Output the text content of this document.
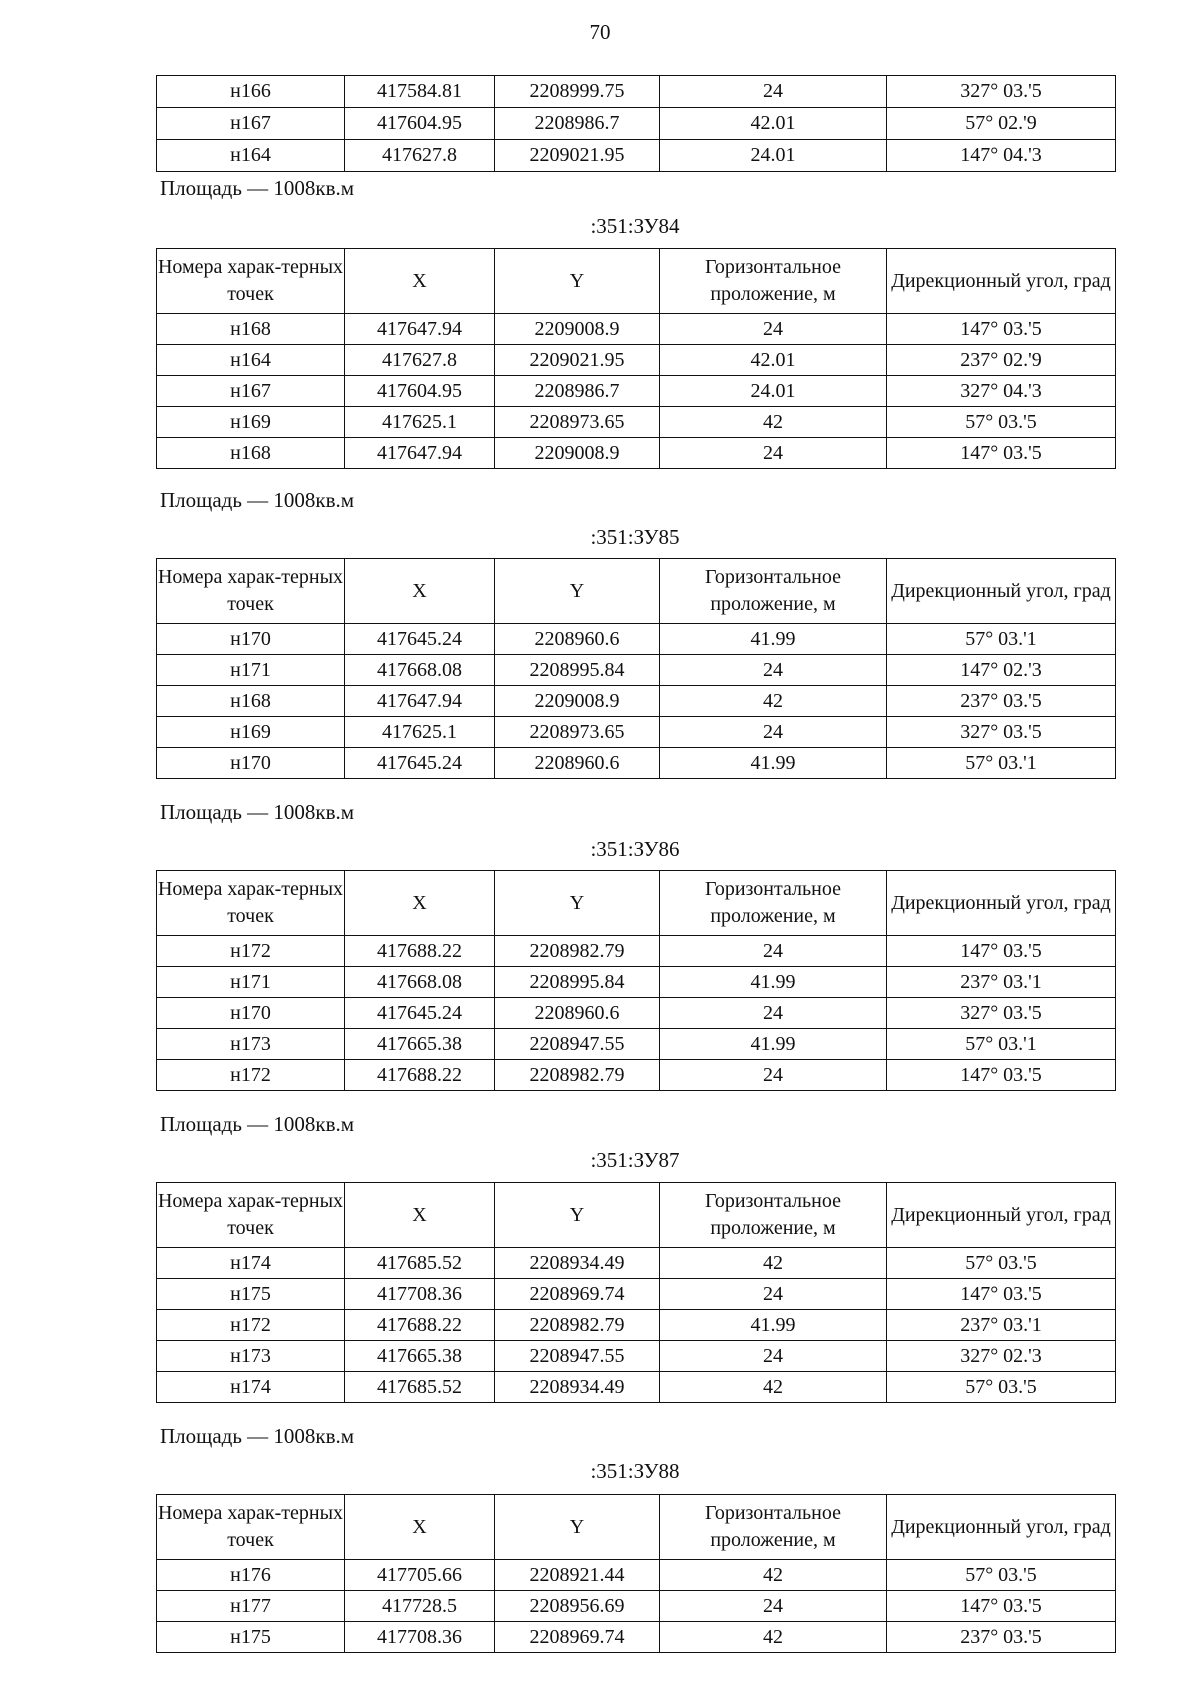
70
н166	417584.81	2208999.75	24	327° 03.'5
н167	417604.95	2208986.7	42.01	57° 02.'9
н164	417627.8	2209021.95	24.01	147° 04.'3
Площадь — 1008кв.м
:351:ЗУ84
Номера харак-терных точек	X	Y	Горизонтальное проложение, м	Дирекционный угол, град
н168	417647.94	2209008.9	24	147° 03.'5
н164	417627.8	2209021.95	42.01	237° 02.'9
н167	417604.95	2208986.7	24.01	327° 04.'3
н169	417625.1	2208973.65	42	57° 03.'5
н168	417647.94	2209008.9	24	147° 03.'5
Площадь — 1008кв.м
:351:ЗУ85
Номера харак-терных точек	X	Y	Горизонтальное проложение, м	Дирекционный угол, град
н170	417645.24	2208960.6	41.99	57° 03.'1
н171	417668.08	2208995.84	24	147° 02.'3
н168	417647.94	2209008.9	42	237° 03.'5
н169	417625.1	2208973.65	24	327° 03.'5
н170	417645.24	2208960.6	41.99	57° 03.'1
Площадь — 1008кв.м
:351:ЗУ86
Номера харак-терных точек	X	Y	Горизонтальное проложение, м	Дирекционный угол, град
н172	417688.22	2208982.79	24	147° 03.'5
н171	417668.08	2208995.84	41.99	237° 03.'1
н170	417645.24	2208960.6	24	327° 03.'5
н173	417665.38	2208947.55	41.99	57° 03.'1
н172	417688.22	2208982.79	24	147° 03.'5
Площадь — 1008кв.м
:351:ЗУ87
Номера харак-терных точек	X	Y	Горизонтальное проложение, м	Дирекционный угол, град
н174	417685.52	2208934.49	42	57° 03.'5
н175	417708.36	2208969.74	24	147° 03.'5
н172	417688.22	2208982.79	41.99	237° 03.'1
н173	417665.38	2208947.55	24	327° 02.'3
н174	417685.52	2208934.49	42	57° 03.'5
Площадь — 1008кв.м
:351:ЗУ88
Номера харак-терных точек	X	Y	Горизонтальное проложение, м	Дирекционный угол, град
н176	417705.66	2208921.44	42	57° 03.'5
н177	417728.5	2208956.69	24	147° 03.'5
н175	417708.36	2208969.74	42	237° 03.'5
